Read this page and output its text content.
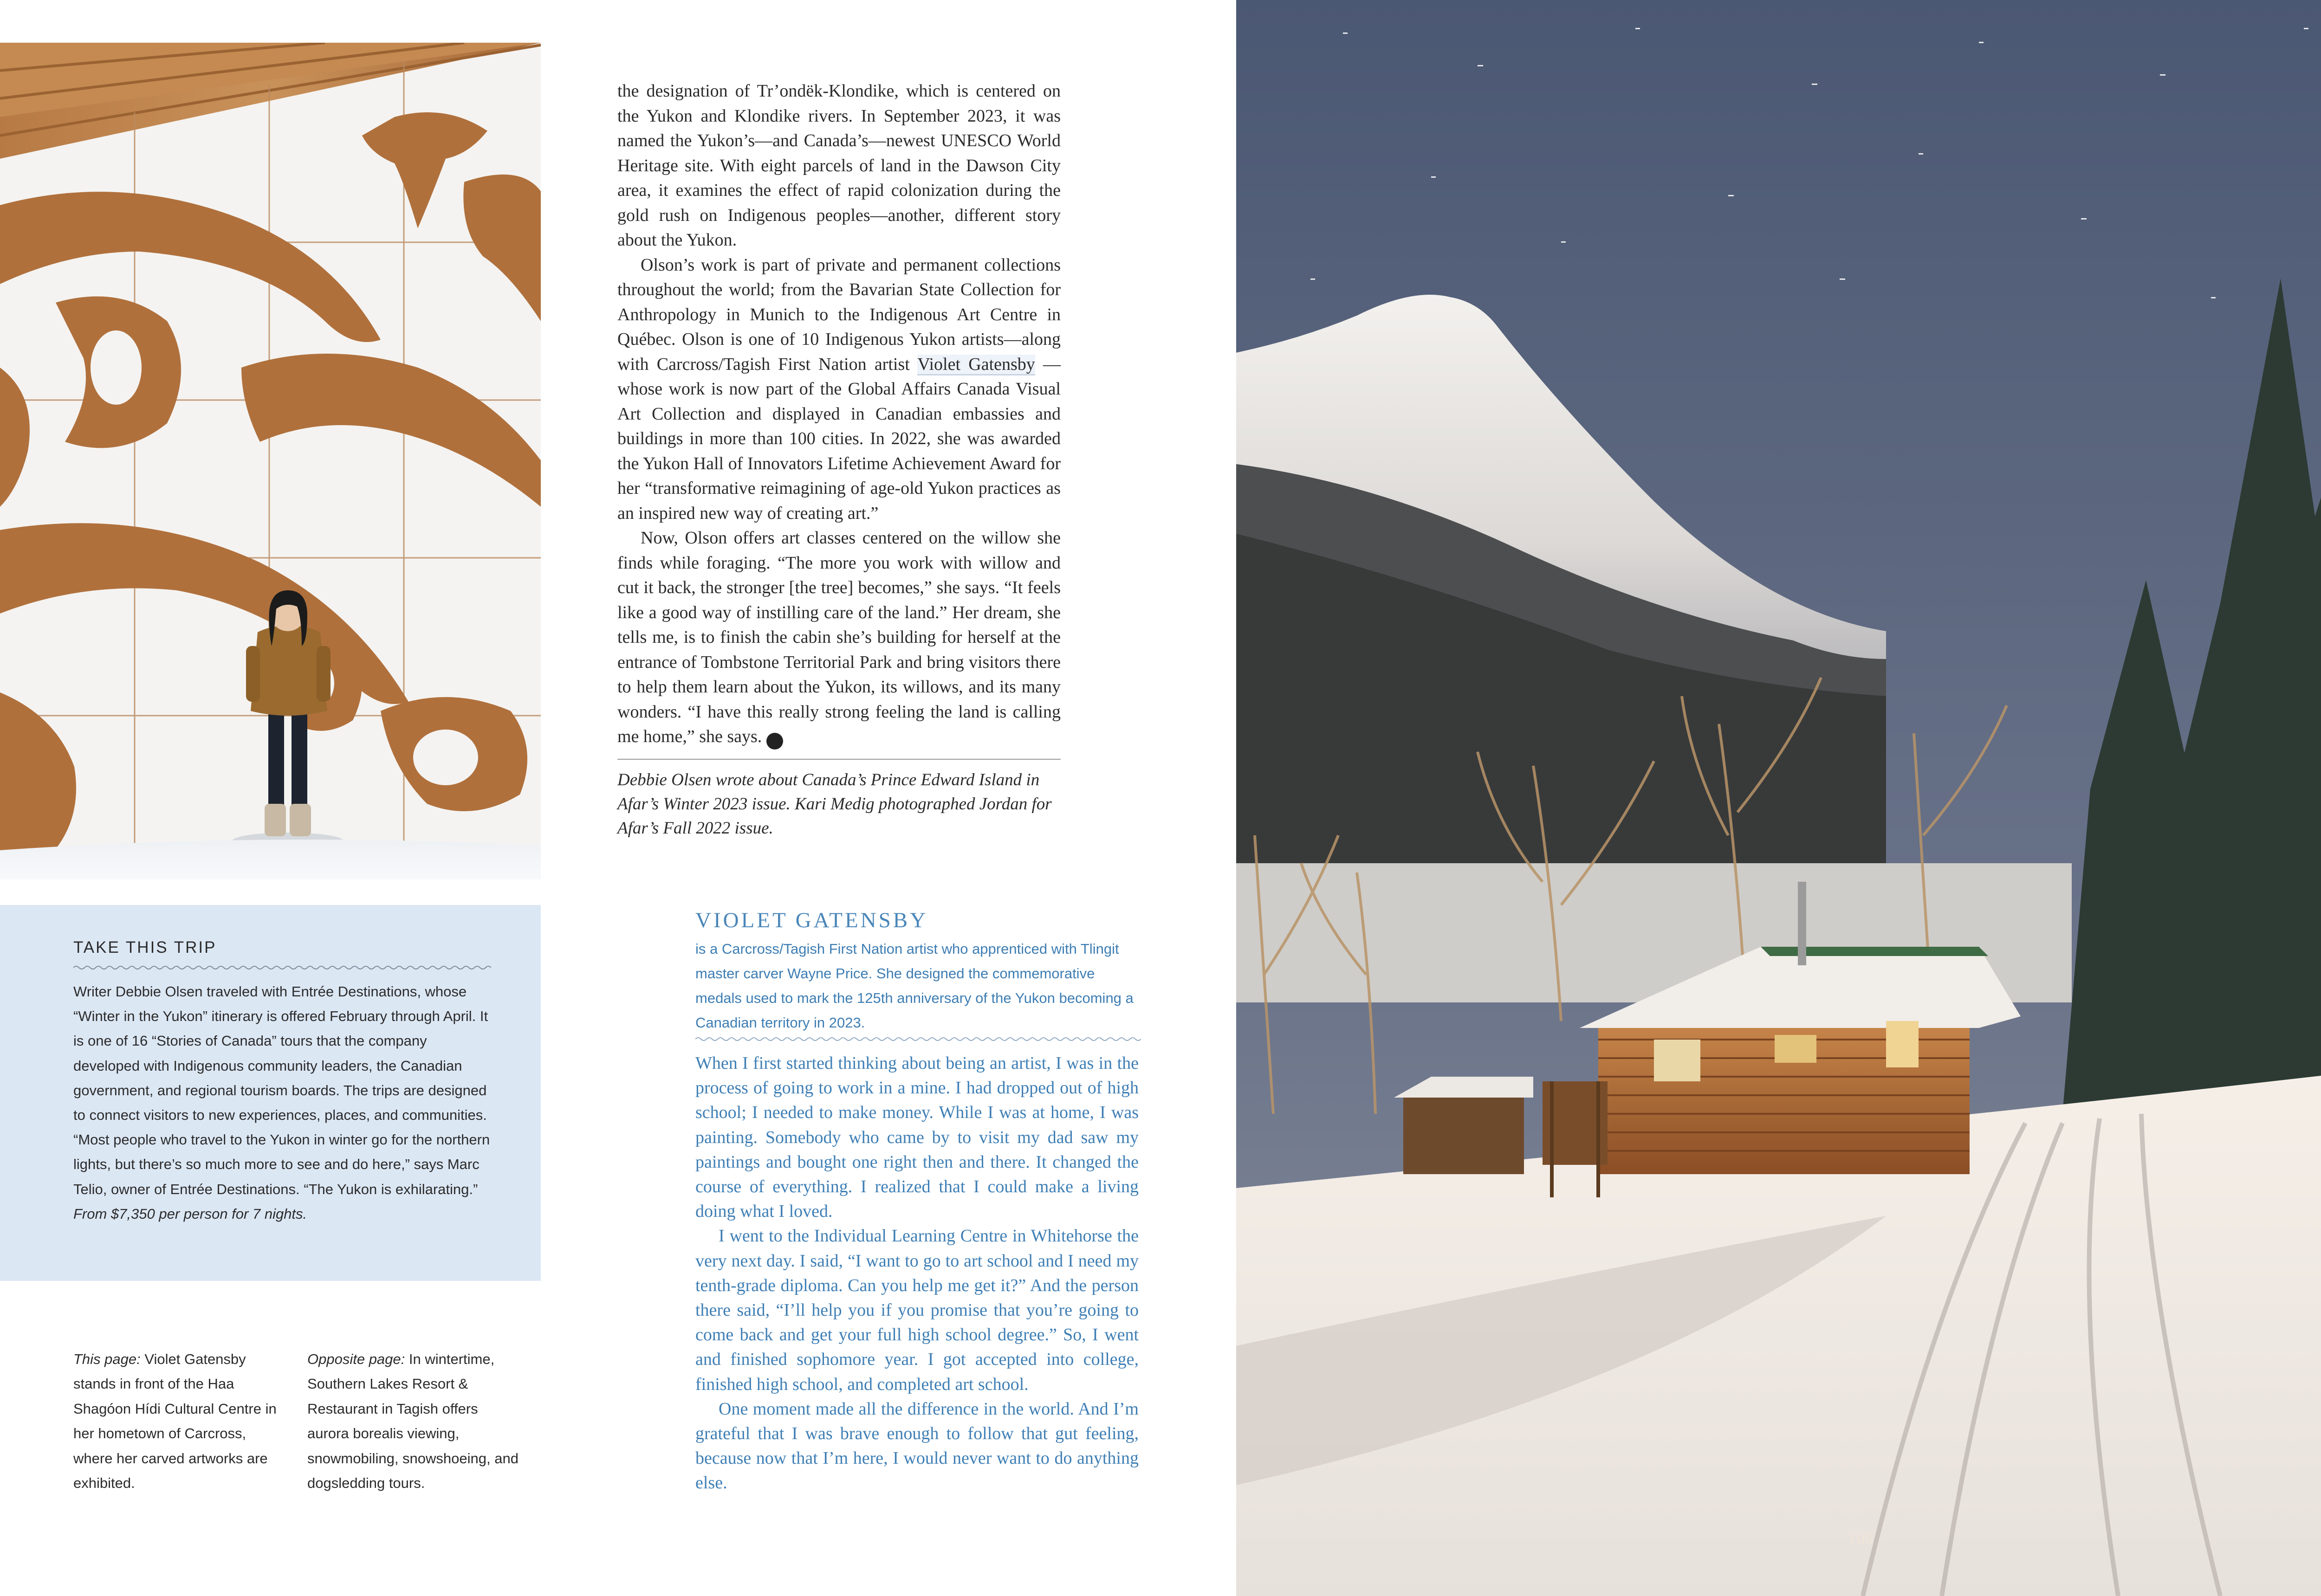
the designation of Tr’ondëk-Klondike, which is centered on the Yukon and Klondike rivers. In September 2023, it was named the Yukon’s—and Canada’s—newest UNESCO World Heritage site. With eight parcels of land in the Dawson City area, it examines the effect of rapid colonization during the gold rush on Indigenous peoples—another, different story about the Yukon.

Olson’s work is part of private and permanent collections throughout the world; from the Bavarian State Collection for Anthropology in Munich to the Indigenous Art Centre in Québec. Olson is one of 10 Indigenous Yukon artists—along with Carcross/Tagish First Nation artist Violet Gatensby —whose work is now part of the Global Affairs Canada Visual Art Collection and displayed in Canadian embassies and buildings in more than 100 cities. In 2022, she was awarded the Yukon Hall of Innovators Lifetime Achievement Award for her “transformative reimagining of age-old Yukon practices as an inspired new way of creating art.”

Now, Olson offers art classes centered on the willow she finds while foraging. “The more you work with willow and cut it back, the stronger [the tree] becomes,” she says. “It feels like a good way of instilling care of the land.” Her dream, she tells me, is to finish the cabin she’s building for herself at the entrance of Tombstone Territorial Park and bring visitors there to help them learn about the Yukon, its willows, and its many wonders. “I have this really strong feeling the land is calling me home,” she says.	A

Debbie Olsen wrote about Canada’s Prince Edward Island in Afar’s Winter 2023 issue. Kari Medig photographed Jordan for Afar’s Fall 2022 issue.
TAKE THIS TRIP
Writer Debbie Olsen traveled with Entrée Destinations, whose “Winter in the Yukon” itinerary is offered February through April. It is one of 16 “Stories of Canada” tours that the company developed with Indigenous community leaders, the Canadian government, and regional tourism boards. The trips are designed to connect visitors to new experiences, places, and communities. “Most people who travel to the Yukon in winter go for the northern lights, but there’s so much more to see and do here,” says Marc Telio, owner of Entrée Destinations. “The Yukon is exhilarating.” From $7,350 per person for 7 nights.
This page: Violet Gatensby stands in front of the Haa Shagóon Hídi Cultural Centre in her hometown of Carcross, where her carved artworks are exhibited.
Opposite page: In wintertime, Southern Lakes Resort & Restaurant in Tagish offers aurora borealis viewing, snowmobiling, snowshoeing, and dogsledding tours.
VIOLET GATENSBY
is a Carcross/Tagish First Nation artist who apprenticed with Tlingit master carver Wayne Price. She designed the commemorative medals used to mark the 125th anniversary of the Yukon becoming a Canadian territory in 2023.

When I first started thinking about being an artist, I was in the process of going to work in a mine. I had dropped out of high school; I needed to make money. While I was at home, I was painting. Somebody who came by to visit my dad saw my paintings and bought one right then and there. It changed the course of everything. I realized that I could make a living doing what I loved.

I went to the Individual Learning Centre in Whitehorse the very next day. I said, “I want to go to art school and I need my tenth-grade diploma. Can you help me get it?” And the person there said, “I’ll help you if you promise that you’re going to come back and get your full high school degree.” So, I went and finished sophomore year. I got accepted into college, finished high school, and completed art school.

One moment made all the difference in the world. And I’m grateful that I was brave enough to follow that gut feeling, because now that I’m here, I would never want to do anything else.

109
